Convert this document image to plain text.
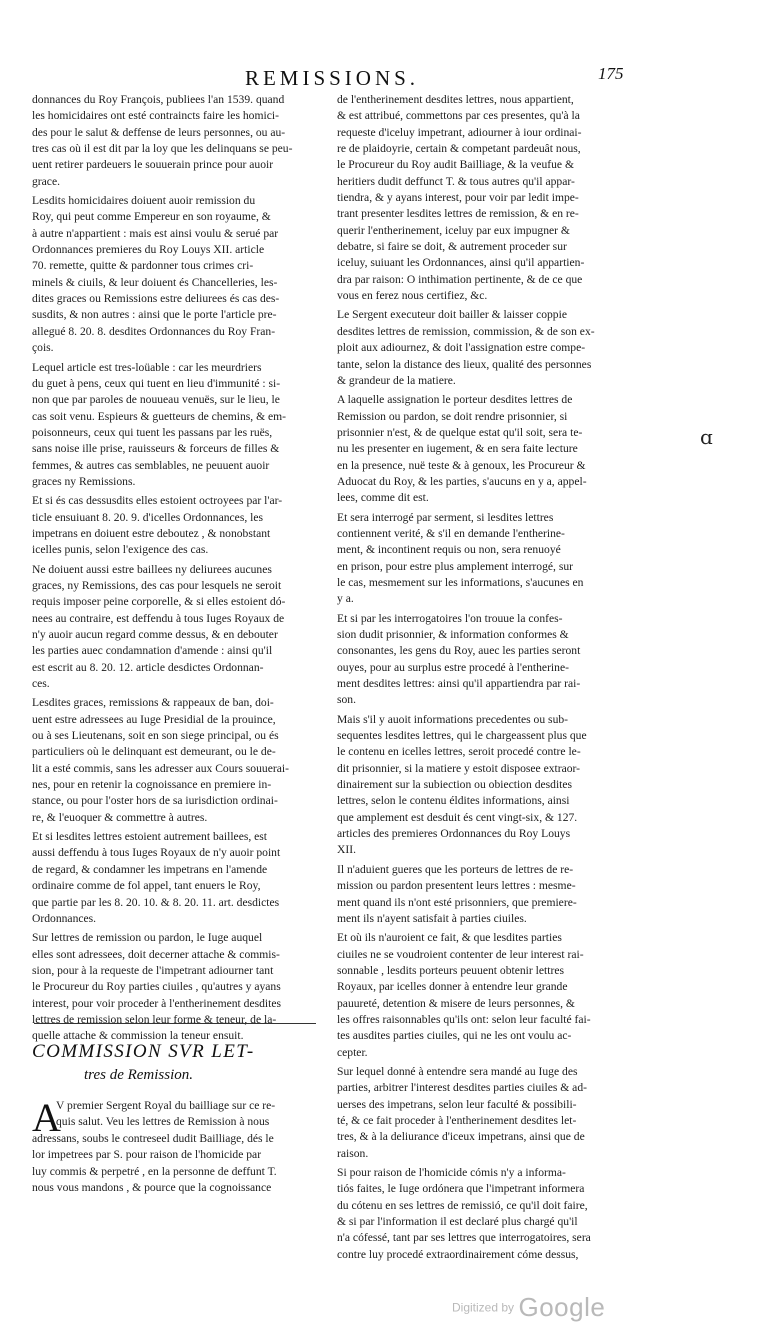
REMISSIONS.	175

donnances du Roy François, publiees l'an 1539. quand
les homicidaires ont esté contraincts faire les homici-
des pour le salut & deffense de leurs personnes, ou au-
tres cas où il est dit par la loy que les delinquans se peu-
uent retirer pardeuers le souuerain prince pour auoir
grace.

Lesdits homicidaires doiuent auoir remission du
Roy, qui peut comme Empereur en son royaume, &
à autre n'appartient : mais est ainsi voulu & serué par
Ordonnances premieres du Roy Louys XII. article
70. remette, quitte & pardonner tous crimes cri-
minels & ciuils, & leur doiuent és Chancelleries, les-
dites graces ou Remissions estre deliurees és cas des-
susdits, & non autres : ainsi que le porte l'article pre-
allegué 8. 20. 8. desdites Ordonnances du Roy Fran-
çois.

Lequel article est tres-loüable : car les meurdriers
du guet à pens, ceux qui tuent en lieu d'immunité : si-
non que par paroles de nouueau venuës, sur le lieu, le
cas soit venu. Espieurs & guetteurs de chemins, & em-
poisonneurs, ceux qui tuent les passans par les ruës,
sans noise ille prise, rauisseurs & forceurs de filles &
femmes, & autres cas semblables, ne peuuent auoir
graces ny Remissions.

Et si és cas dessusdits elles estoient octroyees par l'ar-
ticle ensuiuant 8. 20. 9. d'icelles Ordonnances, les
impetrans en doiuent estre deboutez , & nonobstant
icelles punis, selon l'exigence des cas.

Ne doiuent aussi estre baillees ny deliurees aucunes
graces, ny Remissions, des cas pour lesquels ne seroit
requis imposer peine corporelle, & si elles estoient dó-
nees au contraire, est deffendu à tous Iuges Royaux de
n'y auoir aucun regard comme dessus, & en debouter
les parties auec condamnation d'amende : ainsi qu'il
est escrit au 8. 20. 12. article desdictes Ordonnan-
ces.

Lesdites graces, remissions & rappeaux de ban, doi-
uent estre adressees au Iuge Presidial de la prouince,
ou à ses Lieutenans, soit en son siege principal, ou és
particuliers où le delinquant est demeurant, ou le de-
lit a esté commis, sans les adresser aux Cours souuerai-
nes, pour en retenir la cognoissance en premiere in-
stance, ou pour l'oster hors de sa iurisdiction ordinai-
re, & l'euoquer & commettre à autres.

Et si lesdites lettres estoient autrement baillees, est
aussi deffendu à tous Iuges Royaux de n'y auoir point
de regard, & condamner les impetrans en l'amende
ordinaire comme de fol appel, tant enuers le Roy,
que partie par les 8. 20. 10. & 8. 20. 11. art. desdictes
Ordonnances.

Sur lettres de remission ou pardon, le Iuge auquel
elles sont adressees, doit decerner attache & commis-
sion, pour à la requeste de l'impetrant adiourner tant
le Procureur du Roy parties ciuiles , qu'autres y ayans
interest, pour voir proceder à l'entherinement desdites
lettres de remission selon leur forme & teneur, de la-
quelle attache & commission la teneur ensuit.

de l'entherinement desdites lettres, nous appartient,
& est attribué, commettons par ces presentes, qu'à la
requeste d'iceluy impetrant, adiourner à iour ordinai-
re de plaidoyrie, certain & competant pardeuât nous,
le Procureur du Roy audit Bailliage, & la veufue &
heritiers dudit deffunct T. & tous autres qu'il appar-
tiendra, & y ayans interest, pour voir par ledit impe-
trant presenter lesdites lettres de remission, & en re-
querir l'entherinement, iceluy par eux impugner &
debatre, si faire se doit, & autrement proceder sur
iceluy, suiuant les Ordonnances, ainsi qu'il appartien-
dra par raison: O inthimation pertinente, & de ce que
vous en ferez nous certifiez, &c.

Le Sergent executeur doit bailler & laisser coppie
desdites lettres de remission, commission, & de son ex-
ploit aux adiournez, & doit l'assignation estre compe-
tante, selon la distance des lieux, qualité des personnes
& grandeur de la matiere.

A laquelle assignation le porteur desdites lettres de
Remission ou pardon, se doit rendre prisonnier, si
prisonnier n'est, & de quelque estat qu'il soit, sera te-
nu les presenter en iugement, & en sera faite lecture
en la presence, nuë teste & à genoux, les Procureur &
Aduocat du Roy, & les parties, s'aucuns en y a, appel-
lees, comme dit est.

Et sera interrogé par serment, si lesdites lettres
contiennent verité, & s'il en demande l'entherine-
ment, & incontinent requis ou non, sera renuoyé
en prison, pour estre plus amplement interrogé, sur
le cas, mesmement sur les informations, s'aucunes en
y a.

Et si par les interrogatoires l'on trouue la confes-
sion dudit prisonnier, & information conformes &
consonantes, les gens du Roy, auec les parties seront
ouyes, pour au surplus estre procedé à l'entherine-
ment desdites lettres: ainsi qu'il appartiendra par rai-
son.

Mais s'il y auoit informations precedentes ou sub-
sequentes lesdites lettres, qui le chargeassent plus que
le contenu en icelles lettres, seroit procedé contre le-
dit prisonnier, si la matiere y estoit disposee extraor-
dinairement sur la subiection ou obiection desdites
lettres, selon le contenu éldites informations, ainsi
que amplement est desduit és cent vingt-six, & 127.
articles des premieres Ordonnances du Roy Louys
XII.

Il n'aduient gueres que les porteurs de lettres de re-
mission ou pardon presentent leurs lettres : mesme-
ment quand ils n'ont esté prisonniers, que premiere-
ment ils n'ayent satisfait à parties ciuiles.

Et où ils n'auroient ce fait, & que lesdites parties
ciuiles ne se voudroient contenter de leur interest rai-
sonnable , lesdits porteurs peuuent obtenir lettres
Royaux, par icelles donner à entendre leur grande
pauureté, detention & misere de leurs personnes, &
les offres raisonnables qu'ils ont: selon leur faculté fai-
tes ausdites parties ciuiles, qui ne les ont voulu ac-
cepter.

Sur lequel donné à entendre sera mandé au Iuge des
parties, arbitrer l'interest desdites parties ciuiles & ad-
uerses des impetrans, selon leur faculté & possibili-
té, & ce fait proceder à l'entherinement desdites let-
tres, & à la deliurance d'iceux impetrans, ainsi que de
raison.

Si pour raison de l'homicide cómis n'y a informa-
tiós faites, le Iuge ordónera que l'impetrant informera
du cótenu en ses lettres de remissió, ce qu'il doit faire,
& si par l'information il est declaré plus chargé qu'il
n'a cófessé, tant par ses lettres que interrogatoires, sera
contre luy procedé extraordinairement cóme dessus,

COMMISSION SVR LET-
tres de Remission.
A
V premier Sergent Royal du bailliage sur ce re-
quis salut. Veu les lettres de Remission à nous
adressans, soubs le contreseel dudit Bailliage, dés le
lor impetrees par S. pour raison de l'homicide par
luy commis & perpetré , en la personne de deffunt T.
nous vous mandons , & pource que la cognoissance
ɑ
Digitized by Google
